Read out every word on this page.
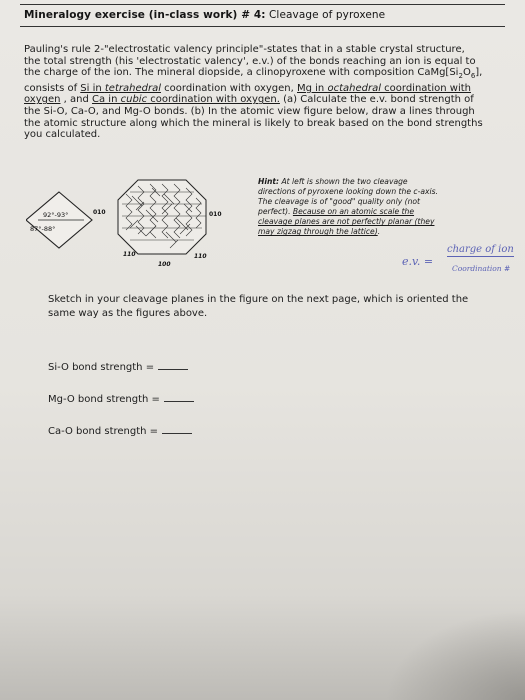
Mineralogy exercise (in-class work) # 4: Cleavage of pyroxene
Pauling's rule 2-"electrostatic valency principle"-states that in a stable crystal structure, the total strength (his 'electrostatic valency', e.v.) of the bonds reaching an ion is equal to the charge of the ion. The mineral diopside, a clinopyroxene with composition $CaMg[Si_2O_6]$, consists of Si in tetrahedral coordination with oxygen, Mg in octahedral coordination with oxygen , and Ca in cubic coordination with oxygen. (a) Calculate the e.v. bond strength of the Si-O, Ca-O, and Mg-O bonds. (b) In the atomic view figure below, draw a lines through the atomic structure along which the mineral is likely to break based on the bond strengths you calculated.
92°-93°
87°-88°
010	010
110	110
100
Hint: At left is shown the two cleavage directions of pyroxene looking down the c-axis. The cleavage is of "good" quality only (not perfect). Because on an atomic scale the cleavage planes are not perfectly planar (they may zigzag through the lattice).
e.v. =
charge of ion
Coordination #
Sketch in your cleavage planes in the figure on the next page, which is oriented the same way as the figures above.
Si-O bond strength =
Mg-O bond strength =
Ca-O bond strength =
